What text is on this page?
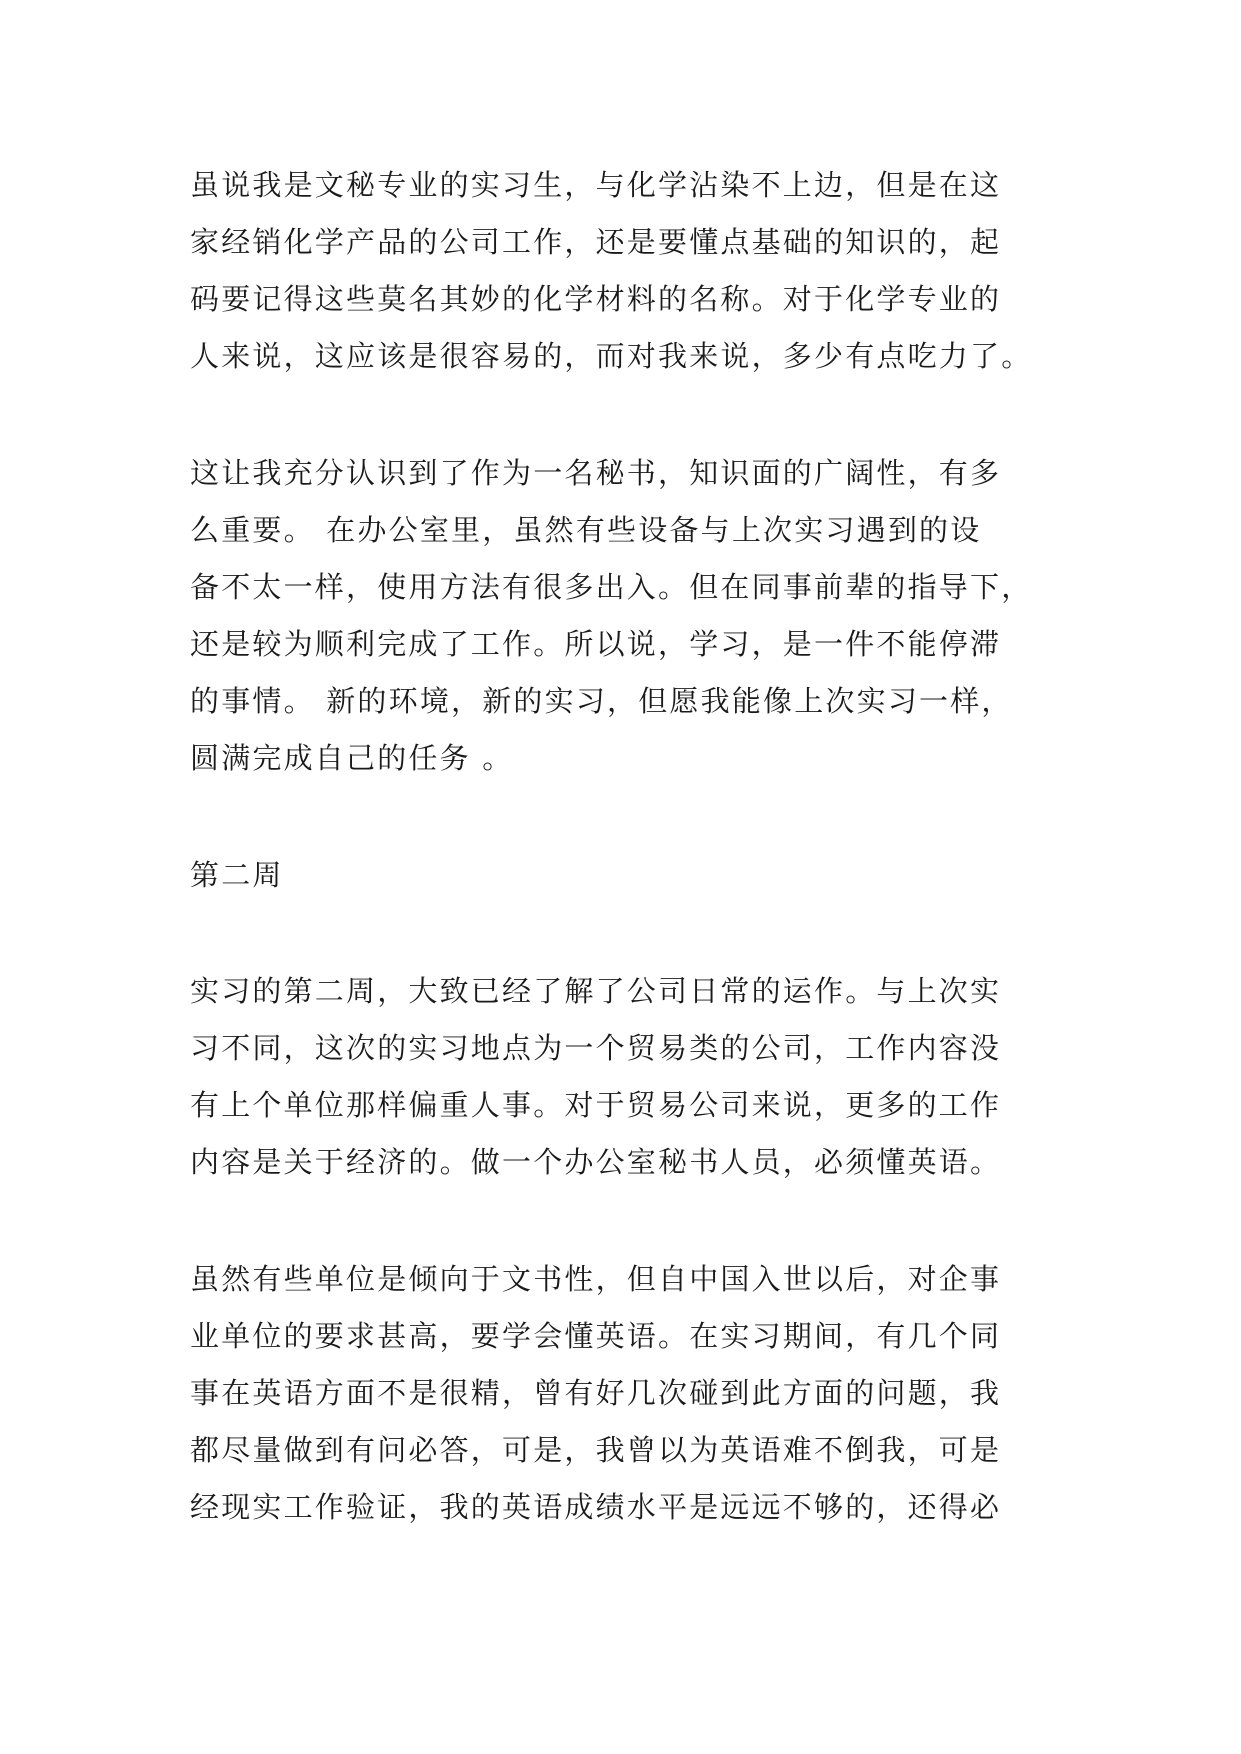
虽说我是文秘专业的实习生，与化学沾染不上边，但是在这
家经销化学产品的公司工作，还是要懂点基础的知识的，起
码要记得这些莫名其妙的化学材料的名称。对于化学专业的
人来说，这应该是很容易的，而对我来说，多少有点吃力了。
这让我充分认识到了作为一名秘书，知识面的广阔性，有多
么重要。 在办公室里，虽然有些设备与上次实习遇到的设
备不太一样，使用方法有很多出入。但在同事前辈的指导下，
还是较为顺利完成了工作。所以说，学习，是一件不能停滞
的事情。 新的环境，新的实习，但愿我能像上次实习一样，
圆满完成自己的任务 。
第二周
实习的第二周，大致已经了解了公司日常的运作。与上次实
习不同，这次的实习地点为一个贸易类的公司，工作内容没
有上个单位那样偏重人事。对于贸易公司来说，更多的工作
内容是关于经济的。做一个办公室秘书人员，必须懂英语。
虽然有些单位是倾向于文书性，但自中国入世以后，对企事
业单位的要求甚高，要学会懂英语。在实习期间，有几个同
事在英语方面不是很精，曾有好几次碰到此方面的问题，我
都尽量做到有问必答，可是，我曾以为英语难不倒我，可是
经现实工作验证，我的英语成绩水平是远远不够的，还得必
